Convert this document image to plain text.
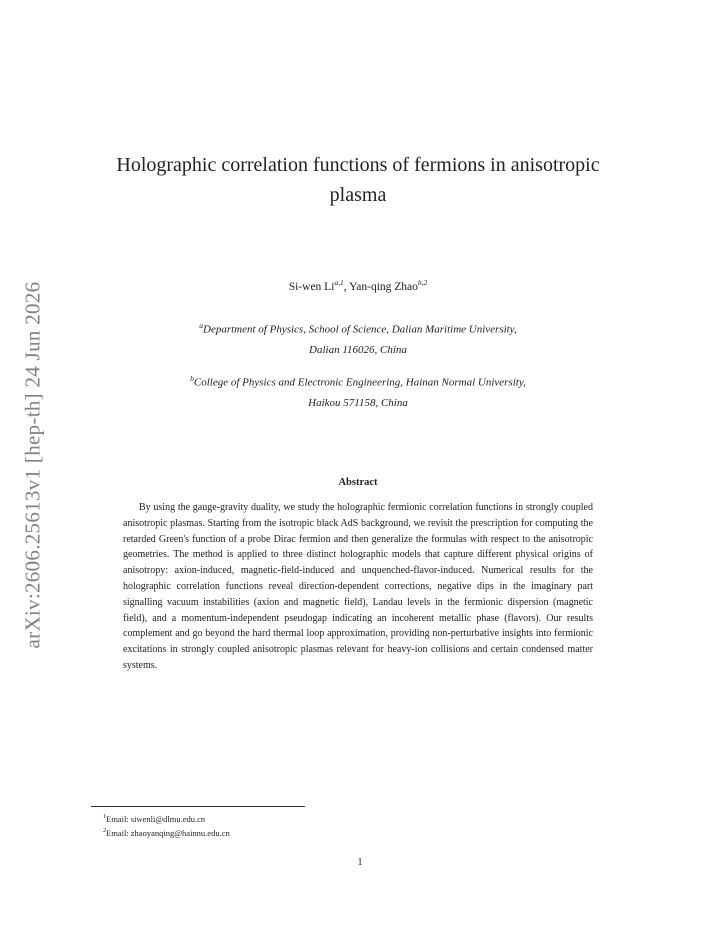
arXiv:2606.25613v1 [hep-th] 24 Jun 2026
Holographic correlation functions of fermions in anisotropic plasma
Si-wen Li$^{a,1}$, Yan-qing Zhao$^{b,2}$
$^a$Department of Physics, School of Science, Dalian Maritime University,
Dalian 116026, China
$^b$College of Physics and Electronic Engineering, Hainan Normal University,
Haikou 571158, China
Abstract
By using the gauge-gravity duality, we study the holographic fermionic correlation functions in strongly coupled anisotropic plasmas. Starting from the isotropic black AdS background, we revisit the prescription for computing the retarded Green's function of a probe Dirac fermion and then generalize the formulas with respect to the anisotropic geometries. The method is applied to three distinct holographic models that capture different physical origins of anisotropy: axion-induced, magnetic-field-induced and unquenched-flavor-induced. Numerical results for the holographic correlation functions reveal direction-dependent corrections, negative dips in the imaginary part signalling vacuum instabilities (axion and magnetic field), Landau levels in the fermionic dispersion (magnetic field), and a momentum-independent pseudogap indicating an incoherent metallic phase (flavors). Our results complement and go beyond the hard thermal loop approximation, providing non-perturbative insights into fermionic excitations in strongly coupled anisotropic plasmas relevant for heavy-ion collisions and certain condensed matter systems.
$^1$Email: siwenli@dlmu.edu.cn
$^2$Email: zhaoyanqing@hainnu.edu.cn
1
